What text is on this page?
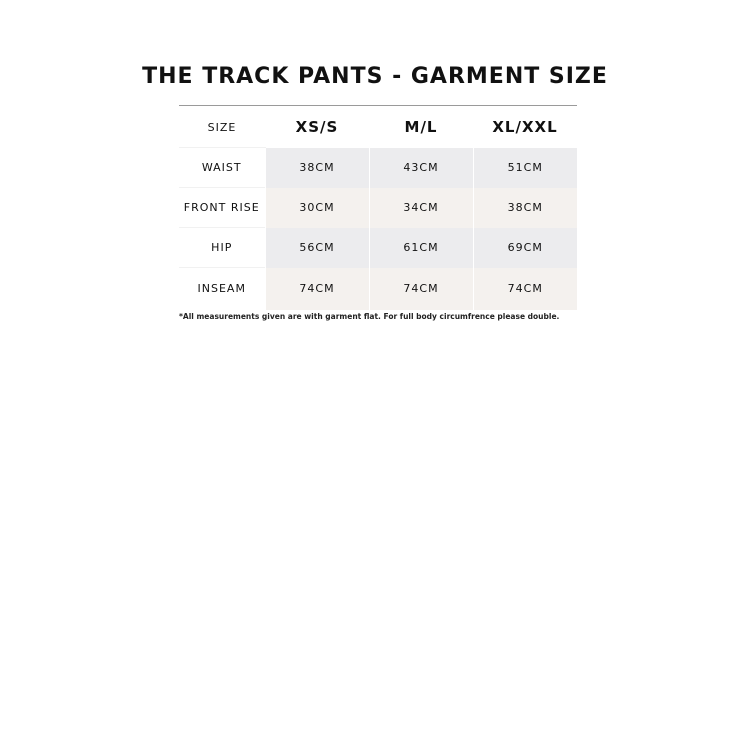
THE TRACK PANTS - GARMENT SIZE
SIZE	XS/S	M/L	XL/XXL
WAIST	38CM	43CM	51CM
FRONT RISE	30CM	34CM	38CM
HIP	56CM	61CM	69CM
INSEAM	74CM	74CM	74CM
*All measurements given are with garment flat. For full body circumfrence please double.
